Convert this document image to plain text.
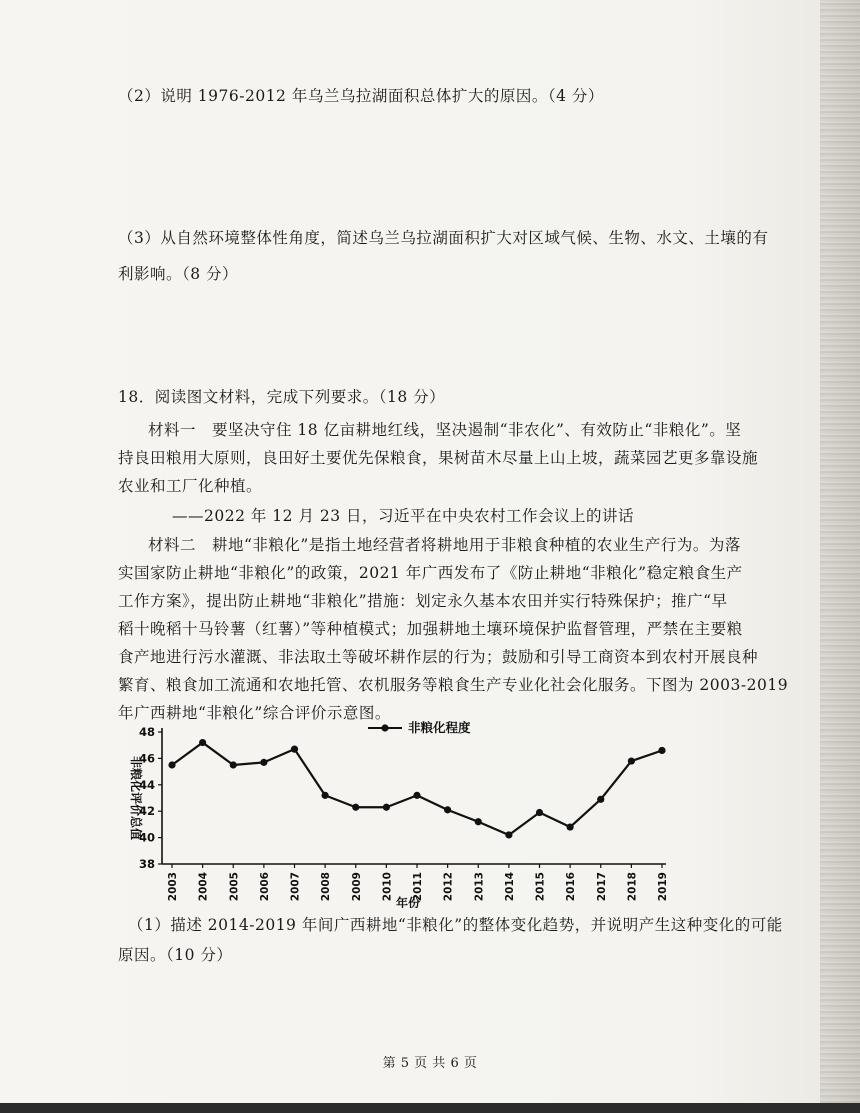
（2）说明 1976-2012 年乌兰乌拉湖面积总体扩大的原因。（4 分）
（3）从自然环境整体性角度，简述乌兰乌拉湖面积扩大对区域气候、生物、水文、土壤的有
利影响。（8 分）
18．阅读图文材料，完成下列要求。（18 分）
材料一　要坚决守住 18 亿亩耕地红线，坚决遏制“非农化”、有效防止“非粮化”。坚
持良田粮用大原则，良田好土要优先保粮食，果树苗木尽量上山上坡，蔬菜园艺更多靠设施
农业和工厂化种植。
——2022 年 12 月 23 日，习近平在中央农村工作会议上的讲话
材料二　耕地“非粮化”是指土地经营者将耕地用于非粮食种植的农业生产行为。为落
实国家防止耕地“非粮化”的政策，2021 年广西发布了《防止耕地“非粮化”稳定粮食生产
工作方案》，提出防止耕地“非粮化”措施：划定永久基本农田并实行特殊保护；推广“早
稻十晚稻十马铃薯（红薯）”等种植模式；加强耕地土壤环境保护监督管理，严禁在主要粮
食产地进行污水灌溉、非法取土等破坏耕作层的行为；鼓励和引导工商资本到农村开展良种
繁育、粮食加工流通和农地托管、农机服务等粮食生产专业化社会化服务。下图为 2003-2019
年广西耕地“非粮化”综合评价示意图。
38
40
42
44
46
48
2003 2004 2005 2006 2007 2008 2009 2010 2011 2012 2013 2014 2015 2016 2017 2018 2019
非粮化评价总值
年份
非粮化程度
（1）描述 2014-2019 年间广西耕地“非粮化”的整体变化趋势，并说明产生这种变化的可能
原因。（10 分）
第 5 页 共 6 页
